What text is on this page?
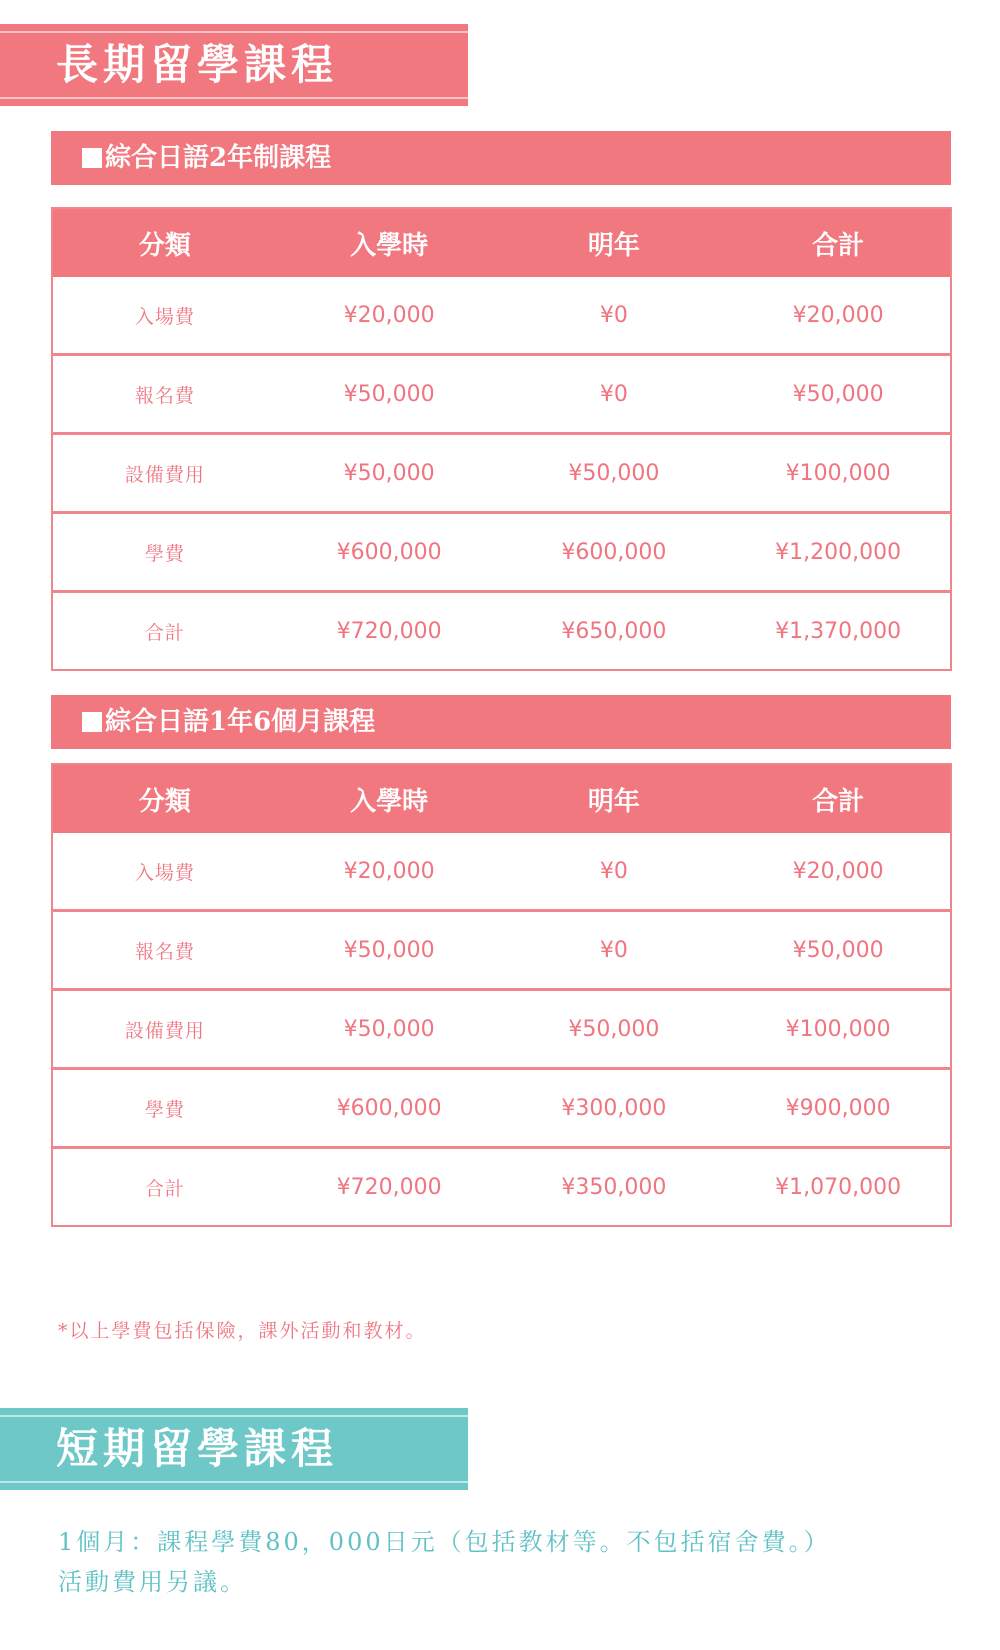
長期留學課程
綜合日語2年制課程
分類	入學時	明年	合計
入場費	¥20,000	¥0	¥20,000
報名費	¥50,000	¥0	¥50,000
設備費用	¥50,000	¥50,000	¥100,000
學費	¥600,000	¥600,000	¥1,200,000
合計	¥720,000	¥650,000	¥1,370,000
綜合日語1年6個月課程
分類	入學時	明年	合計
入場費	¥20,000	¥0	¥20,000
報名費	¥50,000	¥0	¥50,000
設備費用	¥50,000	¥50,000	¥100,000
學費	¥600,000	¥300,000	¥900,000
合計	¥720,000	¥350,000	¥1,070,000
*以上學費包括保險，課外活動和教材。
短期留學課程
1個月：課程學費80，000日元（包括教材等。不包括宿舍費。）
活動費用另議。
